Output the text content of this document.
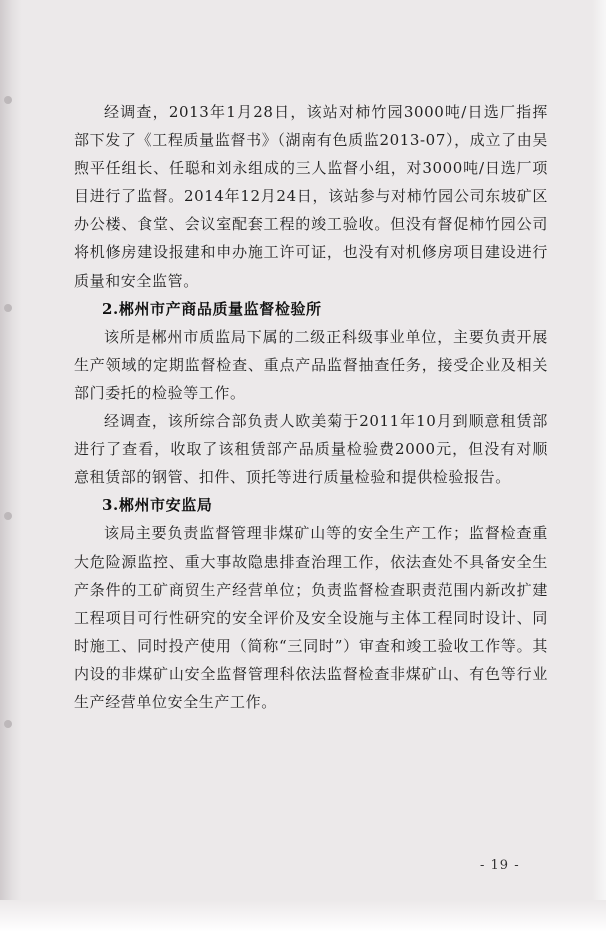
经调查，2013年1月28日，该站对柿竹园3000吨/日选厂指挥部下发了《工程质量监督书》（湖南有色质监2013-07），成立了由吴煦平任组长、任聪和刘永组成的三人监督小组，对3000吨/日选厂项目进行了监督。2014年12月24日，该站参与对柿竹园公司东坡矿区办公楼、食堂、会议室配套工程的竣工验收。但没有督促柿竹园公司将机修房建设报建和申办施工许可证，也没有对机修房项目建设进行质量和安全监管。

2.郴州市产商品质量监督检验所

该所是郴州市质监局下属的二级正科级事业单位，主要负责开展生产领域的定期监督检查、重点产品监督抽查任务，接受企业及相关部门委托的检验等工作。

经调查，该所综合部负责人欧美菊于2011年10月到顺意租赁部进行了查看，收取了该租赁部产品质量检验费2000元，但没有对顺意租赁部的钢管、扣件、顶托等进行质量检验和提供检验报告。

3.郴州市安监局

该局主要负责监督管理非煤矿山等的安全生产工作；监督检查重大危险源监控、重大事故隐患排查治理工作，依法查处不具备安全生产条件的工矿商贸生产经营单位；负责监督检查职责范围内新改扩建工程项目可行性研究的安全评价及安全设施与主体工程同时设计、同时施工、同时投产使用（简称“三同时”）审查和竣工验收工作等。其内设的非煤矿山安全监督管理科依法监督检查非煤矿山、有色等行业生产经营单位安全生产工作。

- 19 -
